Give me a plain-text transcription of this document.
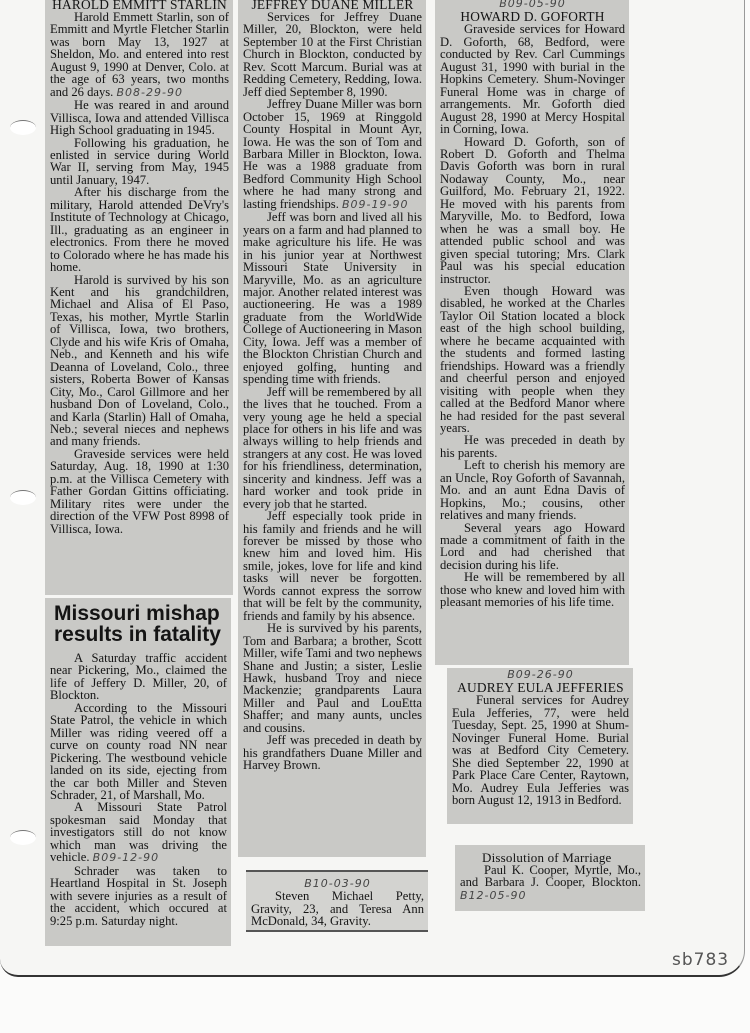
HAROLD EMMITT STARLIN

Harold Emmett Starlin, son of Emmitt and Myrtle Fletcher Starlin was born May 13, 1927 at Sheldon, Mo. and entered into rest August 9, 1990 at Denver, Colo. at the age of 63 years, two months and 26 days. B08-29-90

He was reared in and around Villisca, Iowa and attended Villisca High School graduating in 1945.

Following his graduation, he enlisted in service during World War II, serving from May, 1945 until January, 1947.

After his discharge from the military, Harold attended DeVry's Institute of Technology at Chicago, Ill., graduating as an engineer in electronics. From there he moved to Colorado where he has made his home.

Harold is survived by his son Kent and his grandchildren, Michael and Alisa of El Paso, Texas, his mother, Myrtle Starlin of Villisca, Iowa, two brothers, Clyde and his wife Kris of Omaha, Neb., and Kenneth and his wife Deanna of Loveland, Colo., three sisters, Roberta Bower of Kansas City, Mo., Carol Gillmore and her husband Don of Loveland, Colo., and Karla (Starlin) Hall of Omaha, Neb.; several nieces and nephews and many friends.

Graveside services were held Saturday, Aug. 18, 1990 at 1:30 p.m. at the Villisca Cemetery with Father Gordan Gittins officiating. Military rites were under the direction of the VFW Post 8998 of Villisca, Iowa.

Missouri mishap results in fatality

A Saturday traffic accident near Pickering, Mo., claimed the life of Jeffery D. Miller, 20, of Blockton.

According to the Missouri State Patrol, the vehicle in which Miller was riding veered off a curve on county road NN near Pickering. The westbound vehicle landed on its side, ejecting from the car both Miller and Steven Schrader, 21, of Marshall, Mo.

A Missouri State Patrol spokesman said Monday that investigators still do not know which man was driving the vehicle. B09-12-90

Schrader was taken to Heartland Hospital in St. Joseph with severe injuries as a result of the accident, which occured at 9:25 p.m. Saturday night.

JEFFREY DUANE MILLER

Services for Jeffrey Duane Miller, 20, Blockton, were held September 10 at the First Christian Church in Blockton, conducted by Rev. Scott Marcum. Burial was at Redding Cemetery, Redding, Iowa. Jeff died September 8, 1990.

Jeffrey Duane Miller was born October 15, 1969 at Ringgold County Hospital in Mount Ayr, Iowa. He was the son of Tom and Barbara Miller in Blockton, Iowa. He was a 1988 graduate from Bedford Community High School where he had many strong and lasting friendships. B09-19-90

Jeff was born and lived all his years on a farm and had planned to make agriculture his life. He was in his junior year at Northwest Missouri State University in Maryville, Mo. as an agriculture major. Another related interest was auctioneering. He was a 1989 graduate from the WorldWide College of Auctioneering in Mason City, Iowa. Jeff was a member of the Blockton Christian Church and enjoyed golfing, hunting and spending time with friends.

Jeff will be remembered by all the lives that he touched. From a very young age he held a special place for others in his life and was always willing to help friends and strangers at any cost. He was loved for his friendliness, determination, sincerity and kindness. Jeff was a hard worker and took pride in every job that he started.

Jeff especially took pride in his family and friends and he will forever be missed by those who knew him and loved him. His smile, jokes, love for life and kind tasks will never be forgotten. Words cannot express the sorrow that will be felt by the community, friends and family by his absence.

He is survived by his parents, Tom and Barbara; a brother, Scott Miller, wife Tami and two nephews Shane and Justin; a sister, Leslie Hawk, husband Troy and niece Mackenzie; grandparents Laura Miller and Paul and LouEtta Shaffer; and many aunts, uncles and cousins.

Jeff was preceded in death by his grandfathers Duane Miller and Harvey Brown.

B10-03-90

Steven Michael Petty, Gravity, 23, and Teresa Ann McDonald, 34, Gravity.

B09-05-90
HOWARD D. GOFORTH

Graveside services for Howard D. Goforth, 68, Bedford, were conducted by Rev. Carl Cummings August 31, 1990 with burial in the Hopkins Cemetery. Shum-Novinger Funeral Home was in charge of arrangements. Mr. Goforth died August 28, 1990 at Mercy Hospital in Corning, Iowa.

Howard D. Goforth, son of Robert D. Goforth and Thelma Davis Goforth was born in rural Nodaway County, Mo., near Guilford, Mo. February 21, 1922. He moved with his parents from Maryville, Mo. to Bedford, Iowa when he was a small boy. He attended public school and was given special tutoring; Mrs. Clark Paul was his special education instructor.

Even though Howard was disabled, he worked at the Charles Taylor Oil Station located a block east of the high school building, where he became acquainted with the students and formed lasting friendships. Howard was a friendly and cheerful person and enjoyed visiting with people when they called at the Bedford Manor where he had resided for the past several years.

He was preceded in death by his parents.

Left to cherish his memory are an Uncle, Roy Goforth of Savannah, Mo. and an aunt Edna Davis of Hopkins, Mo.; cousins, other relatives and many friends.

Several years ago Howard made a commitment of faith in the Lord and had cherished that decision during his life.

He will be remembered by all those who knew and loved him with pleasant memories of his life time.

B09-26-90
AUDREY EULA JEFFERIES

Funeral services for Audrey Eula Jefferies, 77, were held Tuesday, Sept. 25, 1990 at Shum-Novinger Funeral Home. Burial was at Bedford City Cemetery. She died September 22, 1990 at Park Place Care Center, Raytown, Mo. Audrey Eula Jefferies was born August 12, 1913 in Bedford.

Dissolution of Marriage

Paul K. Cooper, Myrtle, Mo., and Barbara J. Cooper, Blockton. B12-05-90

sb783
